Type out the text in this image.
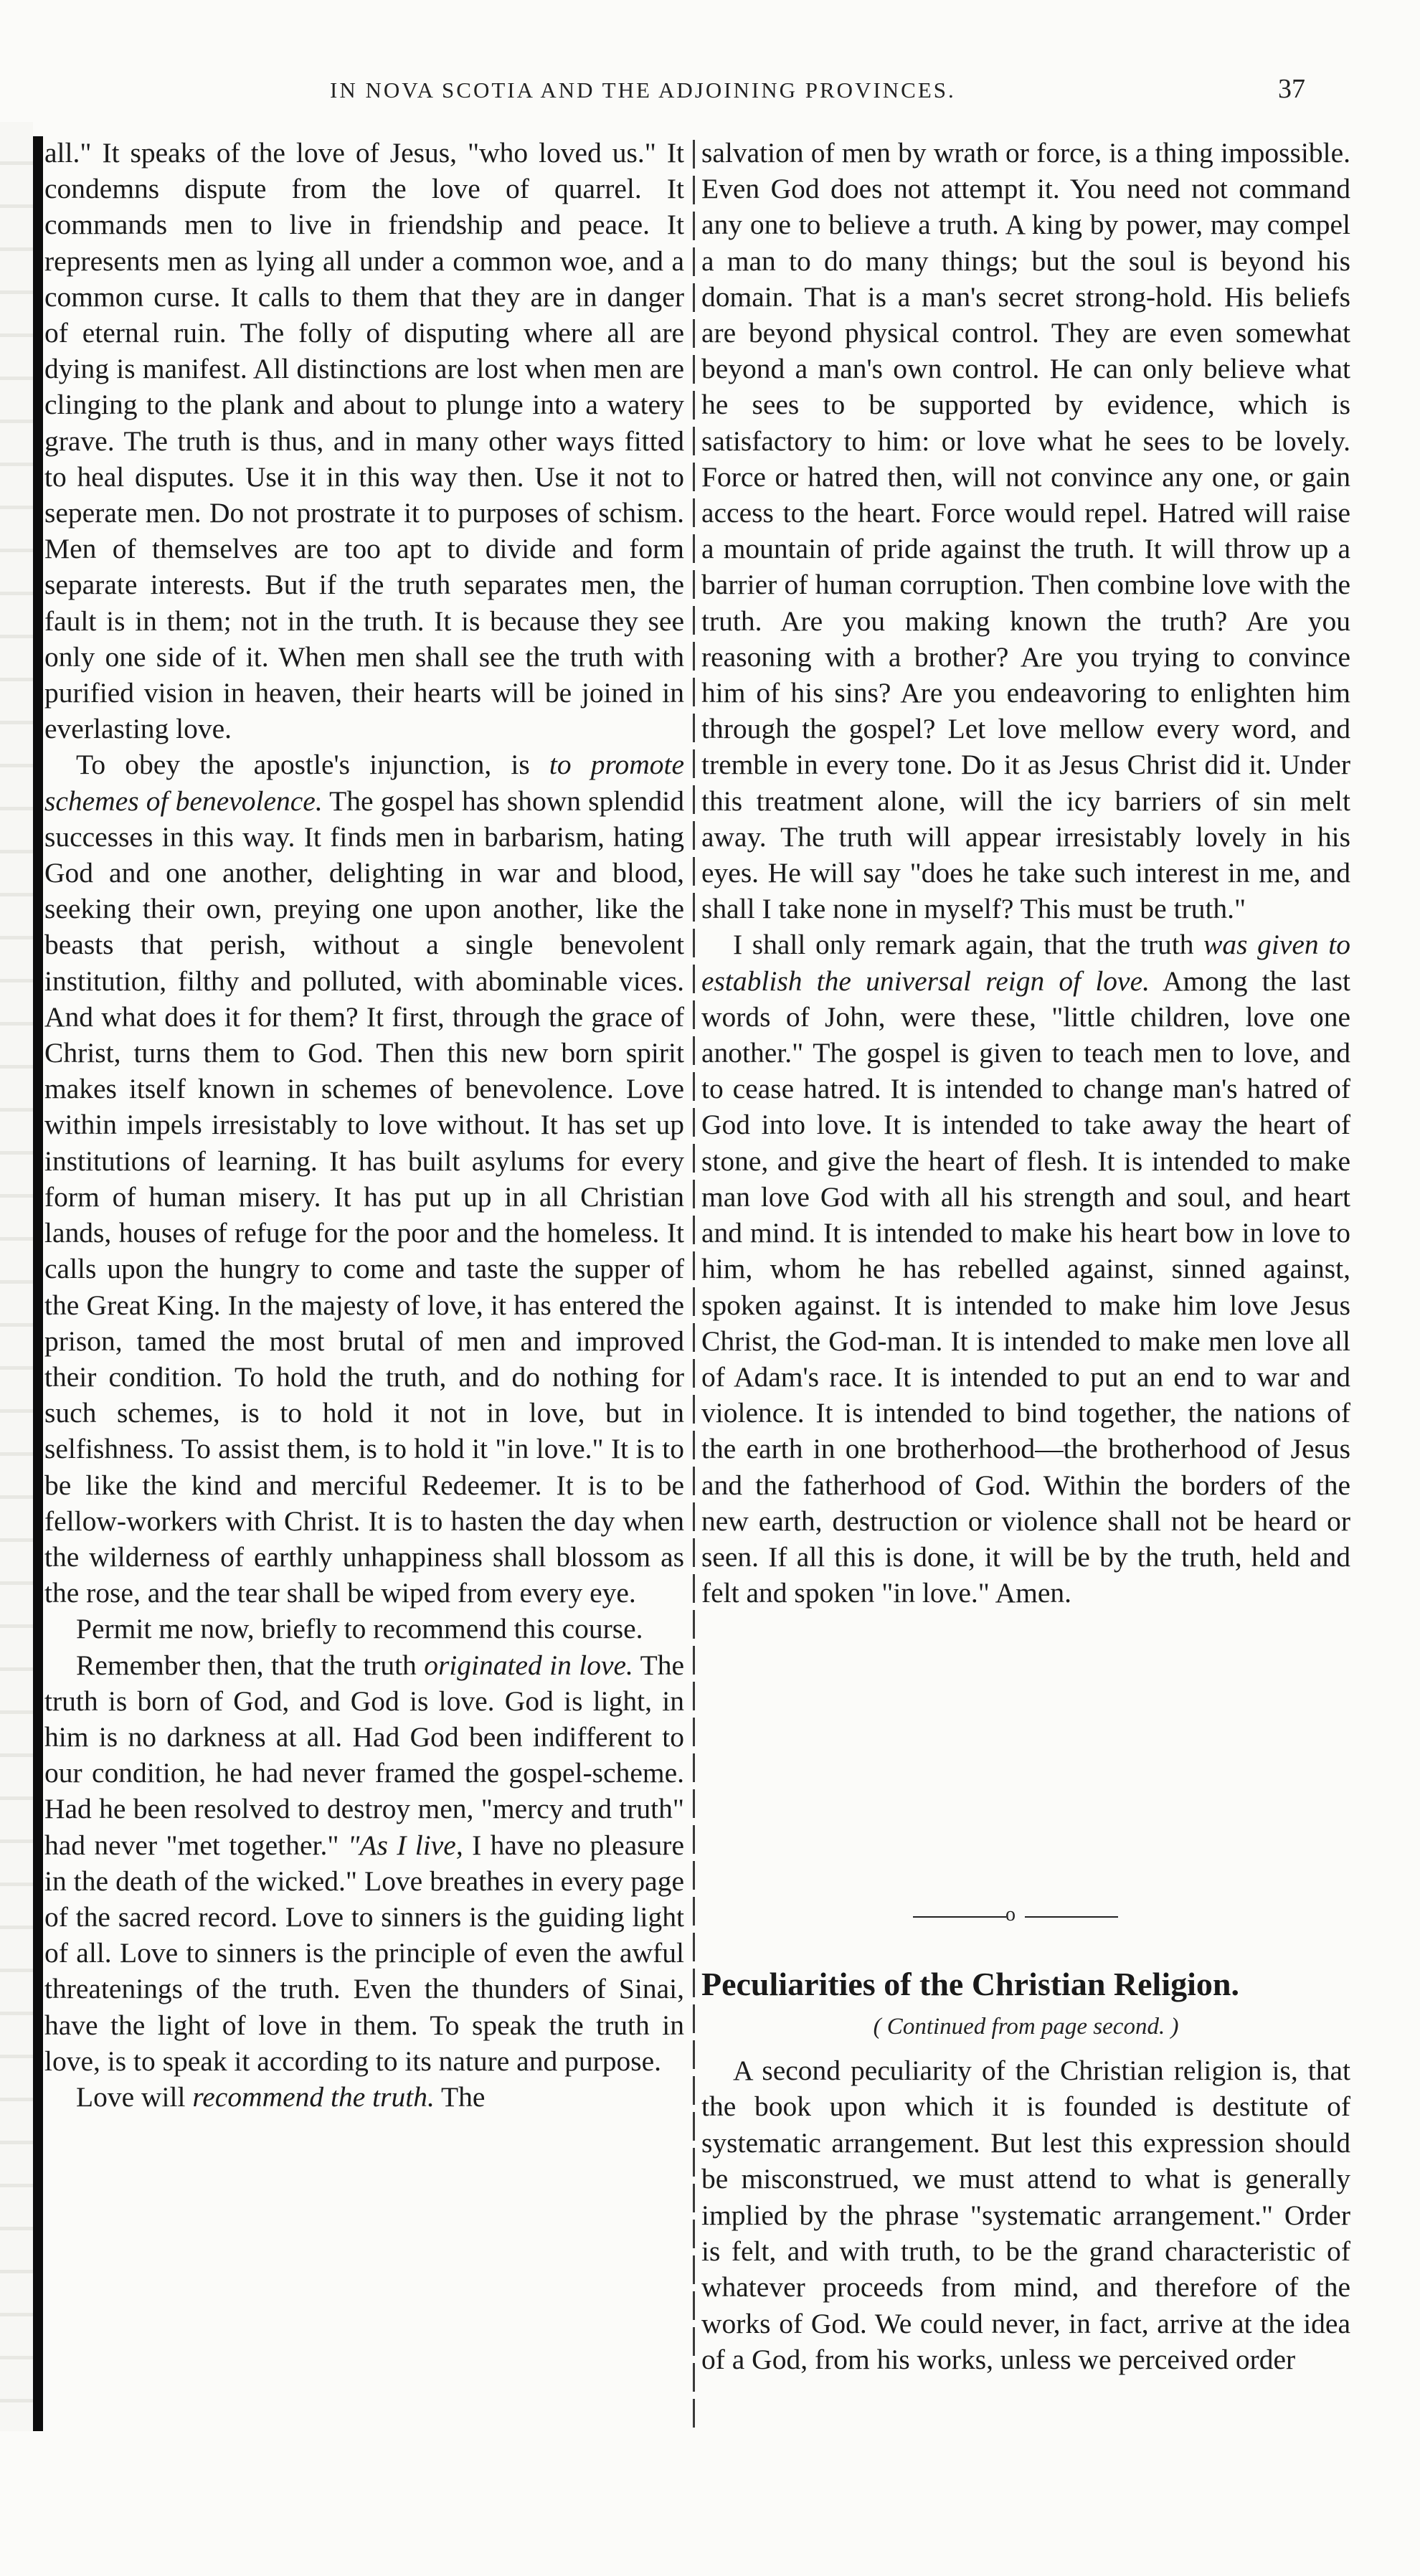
IN NOVA SCOTIA AND THE ADJOINING PROVINCES.	37

all." It speaks of the love of Jesus, "who loved us." It condemns dispute from the love of quarrel. It commands men to live in friendship and peace. It represents men as lying all under a common woe, and a common curse. It calls to them that they are in danger of eternal ruin. The folly of disputing where all are dying is manifest. All distinctions are lost when men are clinging to the plank and about to plunge into a watery grave. The truth is thus, and in many other ways fitted to heal disputes. Use it in this way then. Use it not to seperate men. Do not prostrate it to purposes of schism. Men of themselves are too apt to divide and form separate interests. But if the truth separates men, the fault is in them; not in the truth. It is because they see only one side of it. When men shall see the truth with purified vision in heaven, their hearts will be joined in everlasting love.

To obey the apostle's injunction, is to promote schemes of benevolence. The gospel has shown splendid successes in this way. It finds men in barbarism, hating God and one another, delighting in war and blood, seeking their own, preying one upon another, like the beasts that perish, without a single benevolent institution, filthy and polluted, with abominable vices. And what does it for them? It first, through the grace of Christ, turns them to God. Then this new born spirit makes itself known in schemes of benevolence. Love within impels irresistably to love without. It has set up institutions of learning. It has built asylums for every form of human misery. It has put up in all Christian lands, houses of refuge for the poor and the homeless. It calls upon the hungry to come and taste the supper of the Great King. In the majesty of love, it has entered the prison, tamed the most brutal of men and improved their condition. To hold the truth, and do nothing for such schemes, is to hold it not in love, but in selfishness. To assist them, is to hold it "in love." It is to be like the kind and merciful Redeemer. It is to be fellow-workers with Christ. It is to hasten the day when the wilderness of earthly unhappiness shall blossom as the rose, and the tear shall be wiped from every eye.

Permit me now, briefly to recommend this course.

Remember then, that the truth originated in love. The truth is born of God, and God is love. God is light, in him is no darkness at all. Had God been indifferent to our condition, he had never framed the gospel-scheme. Had he been resolved to destroy men, "mercy and truth" had never "met together." "As I live, I have no pleasure in the death of the wicked." Love breathes in every page of the sacred record. Love to sinners is the guiding light of all. Love to sinners is the principle of even the awful threatenings of the truth. Even the thunders of Sinai, have the light of love in them. To speak the truth in love, is to speak it according to its nature and purpose.

Love will recommend the truth. The

salvation of men by wrath or force, is a thing impossible. Even God does not attempt it. You need not command any one to believe a truth. A king by power, may compel a man to do many things; but the soul is beyond his domain. That is a man's secret strong-hold. His beliefs are beyond physical control. They are even somewhat beyond a man's own control. He can only believe what he sees to be supported by evidence, which is satisfactory to him: or love what he sees to be lovely. Force or hatred then, will not convince any one, or gain access to the heart. Force would repel. Hatred will raise a mountain of pride against the truth. It will throw up a barrier of human corruption. Then combine love with the truth. Are you making known the truth? Are you reasoning with a brother? Are you trying to convince him of his sins? Are you endeavoring to enlighten him through the gospel? Let love mellow every word, and tremble in every tone. Do it as Jesus Christ did it. Under this treatment alone, will the icy barriers of sin melt away. The truth will appear irresistably lovely in his eyes. He will say "does he take such interest in me, and shall I take none in myself? This must be truth."

I shall only remark again, that the truth was given to establish the universal reign of love. Among the last words of John, were these, "little children, love one another." The gospel is given to teach men to love, and to cease hatred. It is intended to change man's hatred of God into love. It is intended to take away the heart of stone, and give the heart of flesh. It is intended to make man love God with all his strength and soul, and heart and mind. It is intended to make his heart bow in love to him, whom he has rebelled against, sinned against, spoken against. It is intended to make him love Jesus Christ, the God-man. It is intended to make men love all of Adam's race. It is intended to put an end to war and violence. It is intended to bind together, the nations of the earth in one brotherhood—the brotherhood of Jesus and the fatherhood of God. Within the borders of the new earth, destruction or violence shall not be heard or seen. If all this is done, it will be by the truth, held and felt and spoken "in love." Amen.

o
Peculiarities of the Christian Religion.
( Continued from page second. )

A second peculiarity of the Christian religion is, that the book upon which it is founded is destitute of systematic arrangement. But lest this expression should be misconstrued, we must attend to what is generally implied by the phrase "systematic arrangement." Order is felt, and with truth, to be the grand characteristic of whatever proceeds from mind, and therefore of the works of God. We could never, in fact, arrive at the idea of a God, from his works, unless we perceived order
